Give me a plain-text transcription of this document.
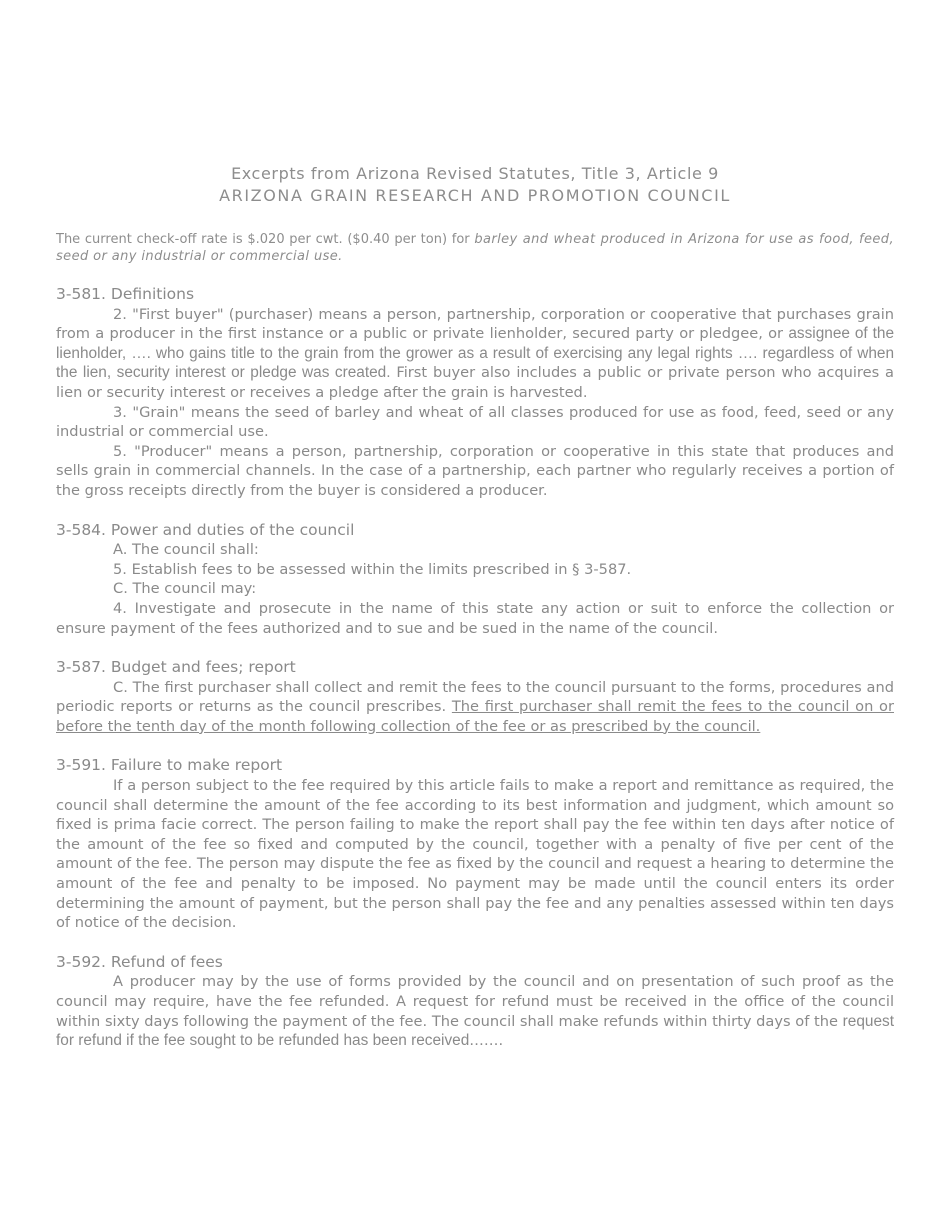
Excerpts from Arizona Revised Statutes, Title 3, Article 9
ARIZONA GRAIN RESEARCH AND PROMOTION COUNCIL
The current check-off rate is $.020 per cwt. ($0.40 per ton) for barley and wheat produced in Arizona for use as food, feed, seed or any industrial or commercial use.
3-581. Definitions

2. "First buyer" (purchaser) means a person, partnership, corporation or cooperative that purchases grain from a producer in the first instance or a public or private lienholder, secured party or pledgee, or assignee of the lienholder, …. who gains title to the grain from the grower as a result of exercising any legal rights …. regardless of when the lien, security interest or pledge was created. First buyer also includes a public or private person who acquires a lien or security interest or receives a pledge after the grain is harvested.

3. "Grain" means the seed of barley and wheat of all classes produced for use as food, feed, seed or any industrial or commercial use.

5. "Producer" means a person, partnership, corporation or cooperative in this state that produces and sells grain in commercial channels. In the case of a partnership, each partner who regularly receives a portion of the gross receipts directly from the buyer is considered a producer.

3-584. Power and duties of the council

A. The council shall:

5. Establish fees to be assessed within the limits prescribed in § 3-587.

C. The council may:

4. Investigate and prosecute in the name of this state any action or suit to enforce the collection or ensure payment of the fees authorized and to sue and be sued in the name of the council.

3-587. Budget and fees; report

C. The first purchaser shall collect and remit the fees to the council pursuant to the forms, procedures and periodic reports or returns as the council prescribes. The first purchaser shall remit the fees to the council on or before the tenth day of the month following collection of the fee or as prescribed by the council.

3-591. Failure to make report

If a person subject to the fee required by this article fails to make a report and remittance as required, the council shall determine the amount of the fee according to its best information and judgment, which amount so fixed is prima facie correct. The person failing to make the report shall pay the fee within ten days after notice of the amount of the fee so fixed and computed by the council, together with a penalty of five per cent of the amount of the fee. The person may dispute the fee as fixed by the council and request a hearing to determine the amount of the fee and penalty to be imposed. No payment may be made until the council enters its order determining the amount of payment, but the person shall pay the fee and any penalties assessed within ten days of notice of the decision.

3-592. Refund of fees

A producer may by the use of forms provided by the council and on presentation of such proof as the council may require, have the fee refunded. A request for refund must be received in the office of the council within sixty days following the payment of the fee. The council shall make refunds within thirty days of the request for refund if the fee sought to be refunded has been received…….
